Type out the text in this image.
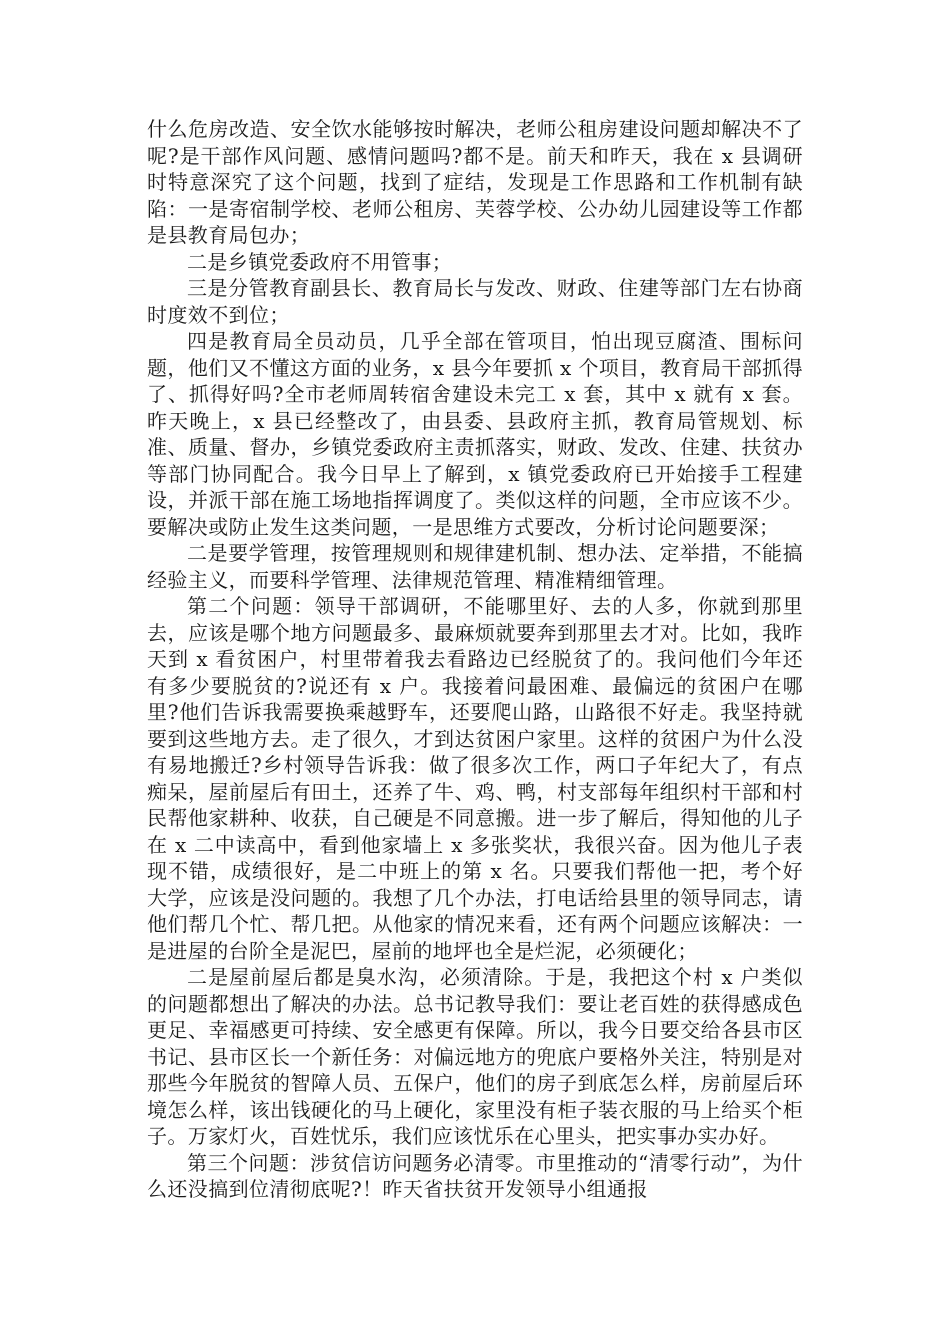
什么危房改造、安全饮水能够按时解决，老师公租房建设问题却解决不了呢?是干部作风问题、感情问题吗?都不是。前天和昨天，我在 x 县调研时特意深究了这个问题，找到了症结，发现是工作思路和工作机制有缺陷：一是寄宿制学校、老师公租房、芙蓉学校、公办幼儿园建设等工作都是县教育局包办；

二是乡镇党委政府不用管事；

三是分管教育副县长、教育局长与发改、财政、住建等部门左右协商时度效不到位；

四是教育局全员动员，几乎全部在管项目，怕出现豆腐渣、围标问题，他们又不懂这方面的业务，x 县今年要抓 x 个项目，教育局干部抓得了、抓得好吗?全市老师周转宿舍建设未完工 x 套，其中 x 就有 x 套。昨天晚上，x 县已经整改了，由县委、县政府主抓，教育局管规划、标准、质量、督办，乡镇党委政府主责抓落实，财政、发改、住建、扶贫办等部门协同配合。我今日早上了解到，x 镇党委政府已开始接手工程建设，并派干部在施工场地指挥调度了。类似这样的问题，全市应该不少。要解决或防止发生这类问题，一是思维方式要改，分析讨论问题要深；

二是要学管理，按管理规则和规律建机制、想办法、定举措，不能搞经验主义，而要科学管理、法律规范管理、精准精细管理。

第二个问题：领导干部调研，不能哪里好、去的人多，你就到那里去，应该是哪个地方问题最多、最麻烦就要奔到那里去才对。比如，我昨天到 x 看贫困户，村里带着我去看路边已经脱贫了的。我问他们今年还有多少要脱贫的?说还有 x 户。我接着问最困难、最偏远的贫困户在哪里?他们告诉我需要换乘越野车，还要爬山路，山路很不好走。我坚持就要到这些地方去。走了很久，才到达贫困户家里。这样的贫困户为什么没有易地搬迁?乡村领导告诉我：做了很多次工作，两口子年纪大了，有点痴呆，屋前屋后有田土，还养了牛、鸡、鸭，村支部每年组织村干部和村民帮他家耕种、收获，自己硬是不同意搬。进一步了解后，得知他的儿子在 x 二中读高中，看到他家墙上 x 多张奖状，我很兴奋。因为他儿子表现不错，成绩很好，是二中班上的第 x 名。只要我们帮他一把，考个好大学，应该是没问题的。我想了几个办法，打电话给县里的领导同志，请他们帮几个忙、帮几把。从他家的情况来看，还有两个问题应该解决：一是进屋的台阶全是泥巴，屋前的地坪也全是烂泥，必须硬化；

二是屋前屋后都是臭水沟，必须清除。于是，我把这个村 x 户类似的问题都想出了解决的办法。总书记教导我们：要让老百姓的获得感成色更足、幸福感更可持续、安全感更有保障。所以，我今日要交给各县市区书记、县市区长一个新任务：对偏远地方的兜底户要格外关注，特别是对那些今年脱贫的智障人员、五保户，他们的房子到底怎么样，房前屋后环境怎么样，该出钱硬化的马上硬化，家里没有柜子装衣服的马上给买个柜子。万家灯火，百姓忧乐，我们应该忧乐在心里头，把实事办实办好。

第三个问题：涉贫信访问题务必清零。市里推动的“清零行动”，为什么还没搞到位清彻底呢?！昨天省扶贫开发领导小组通报
